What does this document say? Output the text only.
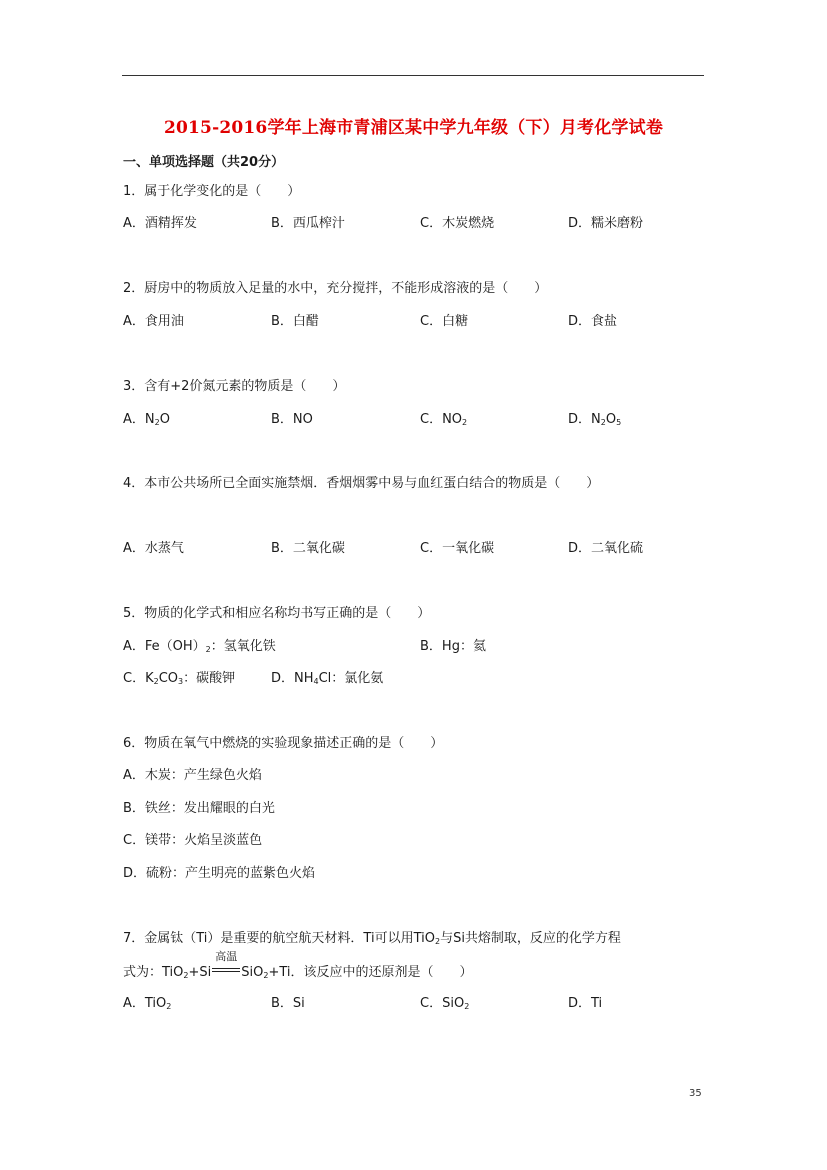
2015-2016学年上海市青浦区某中学九年级（下）月考化学试卷
一、单项选择题（共20分）
1．属于化学变化的是（　　）
A．酒精挥发	B．西瓜榨汁	C．木炭燃烧	D．糯米磨粉
2．厨房中的物质放入足量的水中，充分搅拌，不能形成溶液的是（　　）
A．食用油	B．白醋	C．白糖	D．食盐
3．含有+2价氮元素的物质是（　　）
A．$N_2O$	B．NO	C．$NO_2$	D．$N_2O_5$
4．本市公共场所已全面实施禁烟．香烟烟雾中易与血红蛋白结合的物质是（　　）
A．水蒸气	B．二氧化碳	C．一氧化碳	D．二氧化硫
5．物质的化学式和相应名称均书写正确的是（　　）
A．$Fe(OH)_2$：氢氧化铁	B．Hg：氦
C．$K_2CO_3$：碳酸钾	D．$NH_4Cl$：氯化氨
6．物质在氧气中燃烧的实验现象描述正确的是（　　）
A．木炭：产生绿色火焰
B．铁丝：发出耀眼的白光
C．镁带：火焰呈淡蓝色
D．硫粉：产生明亮的蓝紫色火焰
7．金属钛（Ti）是重要的航空航天材料．Ti可以用TiO$_2$与Si共熔制取，反应的化学方程
式为：TiO$_2$+Si
高温
SiO$_2$+Ti．该反应中的还原剂是（　　）
A．TiO$_2$	B．Si	C．SiO$_2$	D．Ti
35
